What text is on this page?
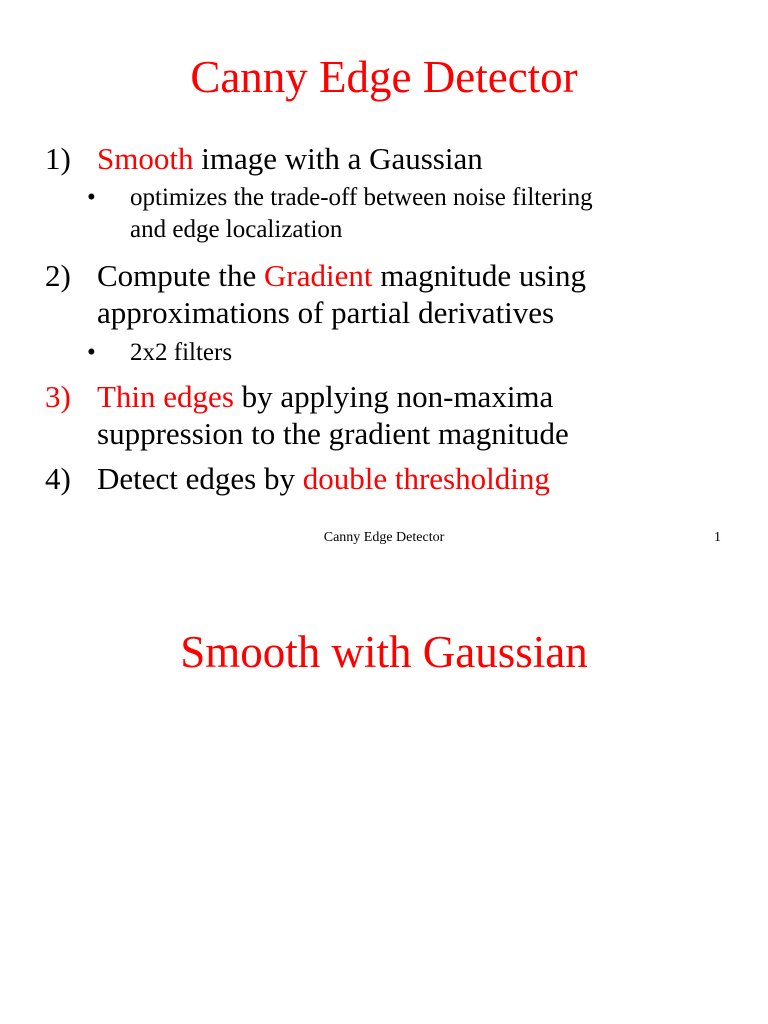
Canny Edge Detector
1) Smooth image with a Gaussian
• optimizes the trade-off between noise filtering
and edge localization
2) Compute the Gradient magnitude using
approximations of partial derivatives
• 2x2 filters
3) Thin edges by applying non-maxima
suppression to the gradient magnitude
4) Detect edges by double thresholding
Canny Edge Detector	1
Smooth with Gaussian
